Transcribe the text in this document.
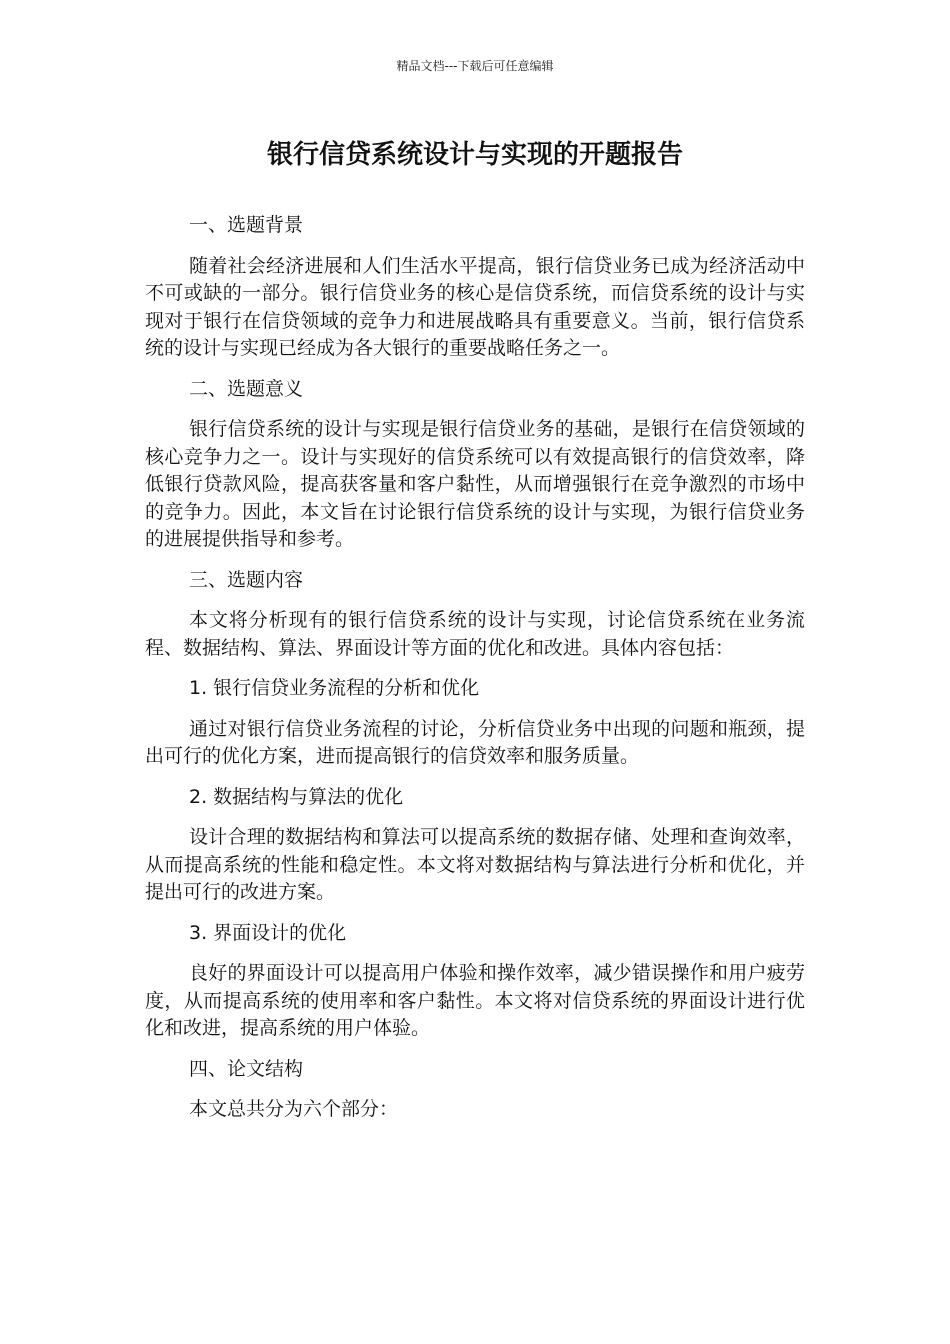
精品文档---下载后可任意编辑
银行信贷系统设计与实现的开题报告

一、选题背景

随着社会经济进展和人们生活水平提高，银行信贷业务已成为经济活动中不可或缺的一部分。银行信贷业务的核心是信贷系统，而信贷系统的设计与实现对于银行在信贷领域的竞争力和进展战略具有重要意义。当前，银行信贷系统的设计与实现已经成为各大银行的重要战略任务之一。

二、选题意义

银行信贷系统的设计与实现是银行信贷业务的基础，是银行在信贷领域的核心竞争力之一。设计与实现好的信贷系统可以有效提高银行的信贷效率，降低银行贷款风险，提高获客量和客户黏性，从而增强银行在竞争激烈的市场中的竞争力。因此，本文旨在讨论银行信贷系统的设计与实现，为银行信贷业务的进展提供指导和参考。

三、选题内容

本文将分析现有的银行信贷系统的设计与实现，讨论信贷系统在业务流程、数据结构、算法、界面设计等方面的优化和改进。具体内容包括：

1. 银行信贷业务流程的分析和优化

通过对银行信贷业务流程的讨论，分析信贷业务中出现的问题和瓶颈，提出可行的优化方案，进而提高银行的信贷效率和服务质量。

2. 数据结构与算法的优化

设计合理的数据结构和算法可以提高系统的数据存储、处理和查询效率，从而提高系统的性能和稳定性。本文将对数据结构与算法进行分析和优化，并提出可行的改进方案。

3. 界面设计的优化

良好的界面设计可以提高用户体验和操作效率，减少错误操作和用户疲劳度，从而提高系统的使用率和客户黏性。本文将对信贷系统的界面设计进行优化和改进，提高系统的用户体验。

四、论文结构

本文总共分为六个部分：
